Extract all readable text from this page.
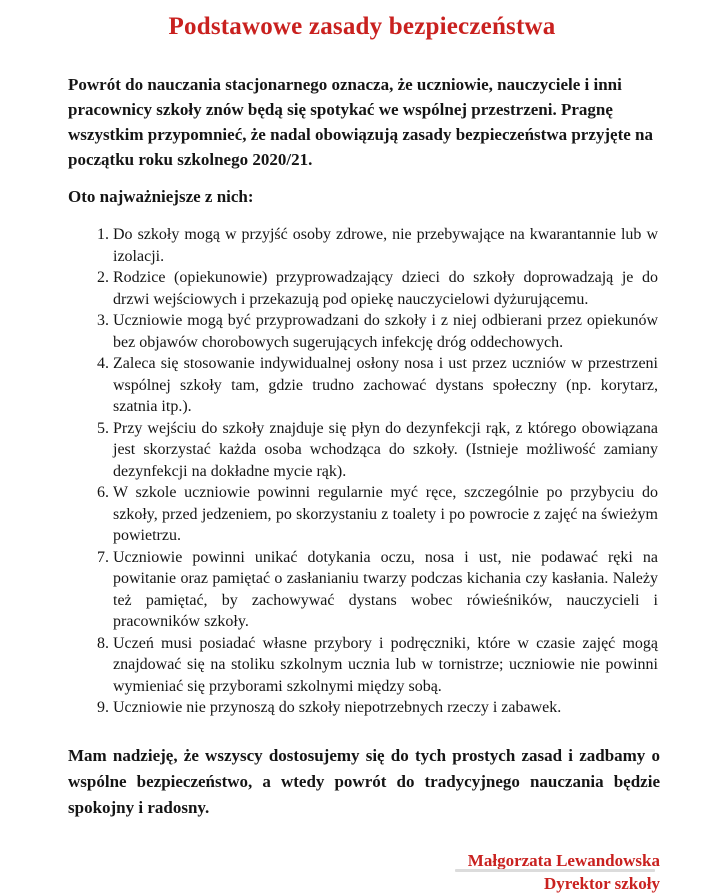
Podstawowe zasady bezpieczeństwa

Powrót do nauczania stacjonarnego oznacza, że uczniowie, nauczyciele i inni pracownicy szkoły znów będą się spotykać we wspólnej przestrzeni. Pragnę wszystkim przypomnieć, że nadal obowiązują zasady bezpieczeństwa przyjęte na początku roku szkolnego 2020/21.

Oto najważniejsze z nich:

1. Do szkoły mogą w przyjść osoby zdrowe, nie przebywające na kwarantannie lub w izolacji.
2. Rodzice (opiekunowie) przyprowadzający dzieci do szkoły doprowadzają je do drzwi wejściowych i przekazują pod opiekę nauczycielowi dyżurującemu.
3. Uczniowie mogą być przyprowadzani do szkoły i z niej odbierani przez opiekunów bez objawów chorobowych sugerujących infekcję dróg oddechowych.
4. Zaleca się stosowanie indywidualnej osłony nosa i ust przez uczniów w przestrzeni wspólnej szkoły tam, gdzie trudno zachować dystans społeczny (np. korytarz, szatnia itp.).
5. Przy wejściu do szkoły znajduje się płyn do dezynfekcji rąk, z którego obowiązana jest skorzystać każda osoba wchodząca do szkoły. (Istnieje możliwość zamiany dezynfekcji na dokładne mycie rąk).
6. W szkole uczniowie powinni regularnie myć ręce, szczególnie po przybyciu do szkoły, przed jedzeniem, po skorzystaniu z toalety i po powrocie z zajęć na świeżym powietrzu.
7. Uczniowie powinni unikać dotykania oczu, nosa i ust, nie podawać ręki na powitanie oraz pamiętać o zasłanianiu twarzy podczas kichania czy kasłania. Należy też pamiętać, by zachowywać dystans wobec rówieśników, nauczycieli i pracowników szkoły.
8. Uczeń musi posiadać własne przybory i podręczniki, które w czasie zajęć mogą znajdować się na stoliku szkolnym ucznia lub w tornistrze; uczniowie nie powinni wymieniać się przyborami szkolnymi między sobą.
9. Uczniowie nie przynoszą do szkoły niepotrzebnych rzeczy i zabawek.

Mam nadzieję, że wszyscy dostosujemy się do tych prostych zasad i zadbamy o wspólne bezpieczeństwo, a wtedy powrót do tradycyjnego nauczania będzie spokojny i radosny.

Małgorzata Lewandowska
Dyrektor szkoły
